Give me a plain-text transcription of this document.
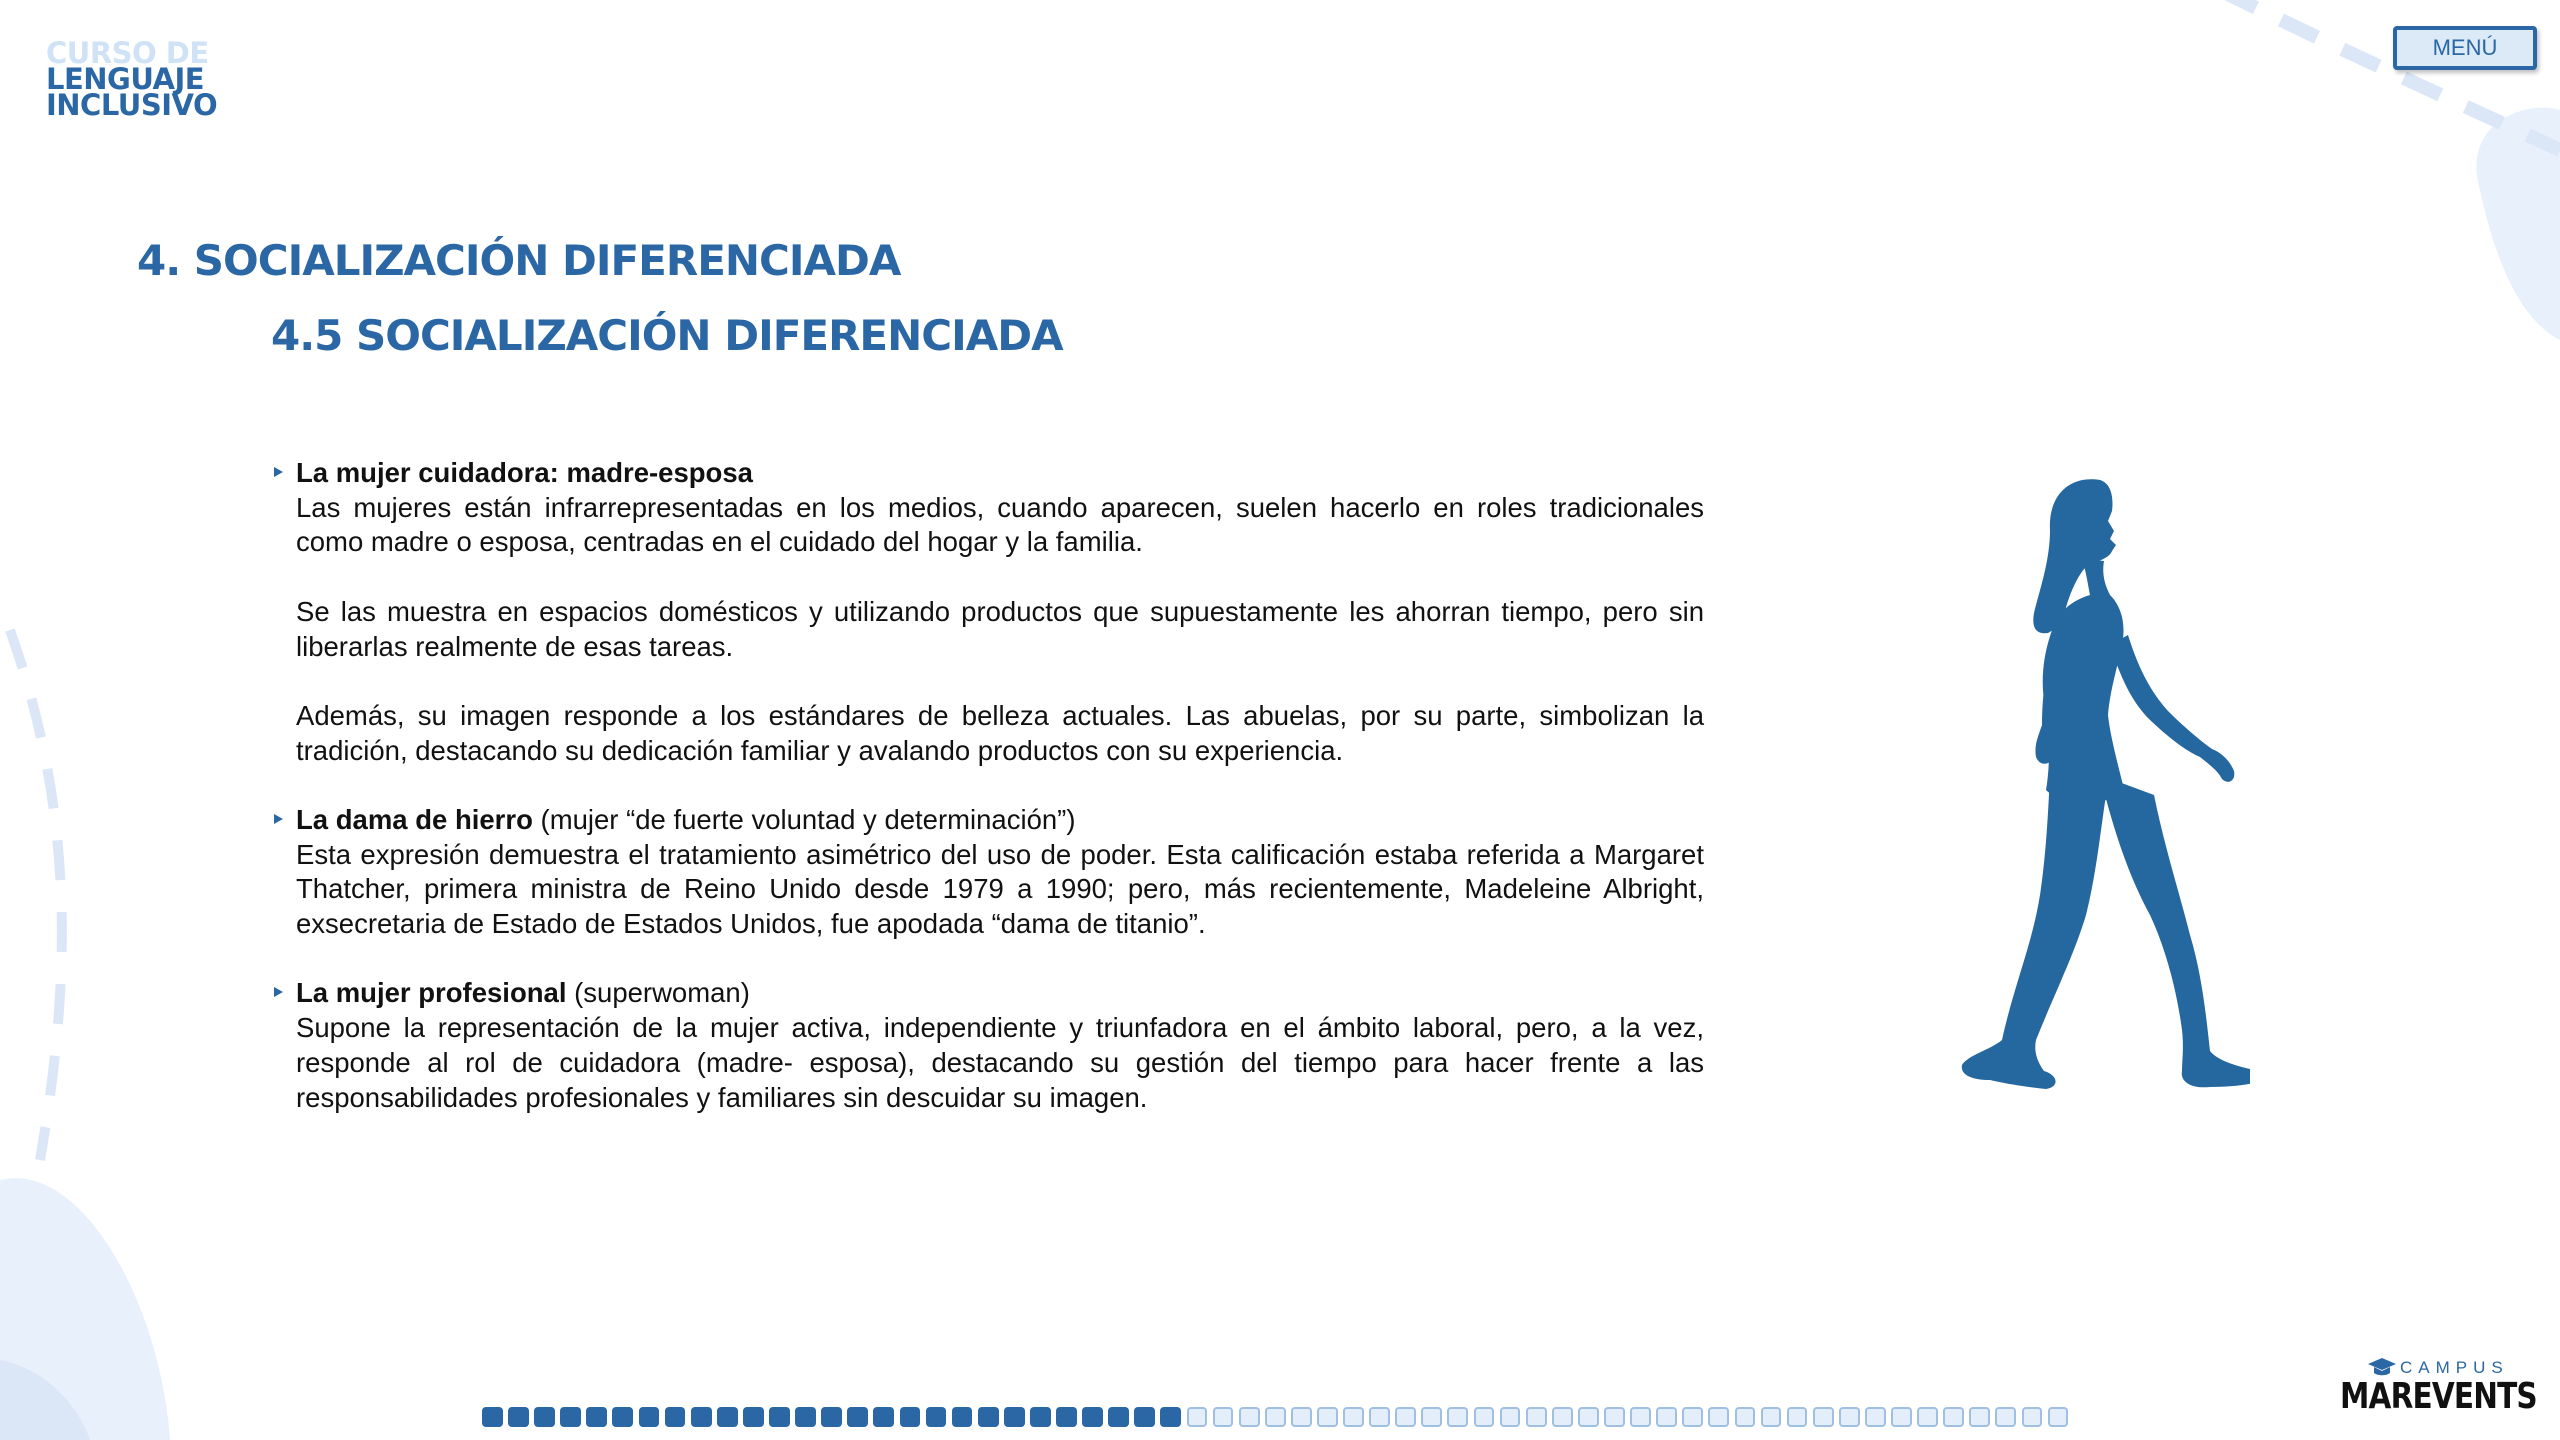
CURSO DE
LENGUAJE
INCLUSIVO
MENÚ
4. SOCIALIZACIÓN DIFERENCIADA
4.5 SOCIALIZACIÓN DIFERENCIADA

La mujer cuidadora: madre-esposa

Las mujeres están infrarrepresentadas en los medios, cuando aparecen, suelen hacerlo en roles tradicionales como madre o esposa, centradas en el cuidado del hogar y la familia.

Se las muestra en espacios domésticos y utilizando productos que supuestamente les ahorran tiempo, pero sin liberarlas realmente de esas tareas.

Además, su imagen responde a los estándares de belleza actuales. Las abuelas, por su parte, simbolizan la tradición, destacando su dedicación familiar y avalando productos con su experiencia.

La dama de hierro (mujer “de fuerte voluntad y determinación”)

Esta expresión demuestra el tratamiento asimétrico del uso de poder. Esta calificación estaba referida a Margaret Thatcher, primera ministra de Reino Unido desde 1979 a 1990; pero, más recientemente, Madeleine Albright, exsecretaria de Estado de Estados Unidos, fue apodada “dama de titanio”.

La mujer profesional (superwoman)

Supone la representación de la mujer activa, independiente y triunfadora en el ámbito laboral, pero, a la vez, responde al rol de cuidadora (madre- esposa), destacando su gestión del tiempo para hacer frente a las responsabilidades profesionales y familiares sin descuidar su imagen.

CAMPUS
MAREVENTS
